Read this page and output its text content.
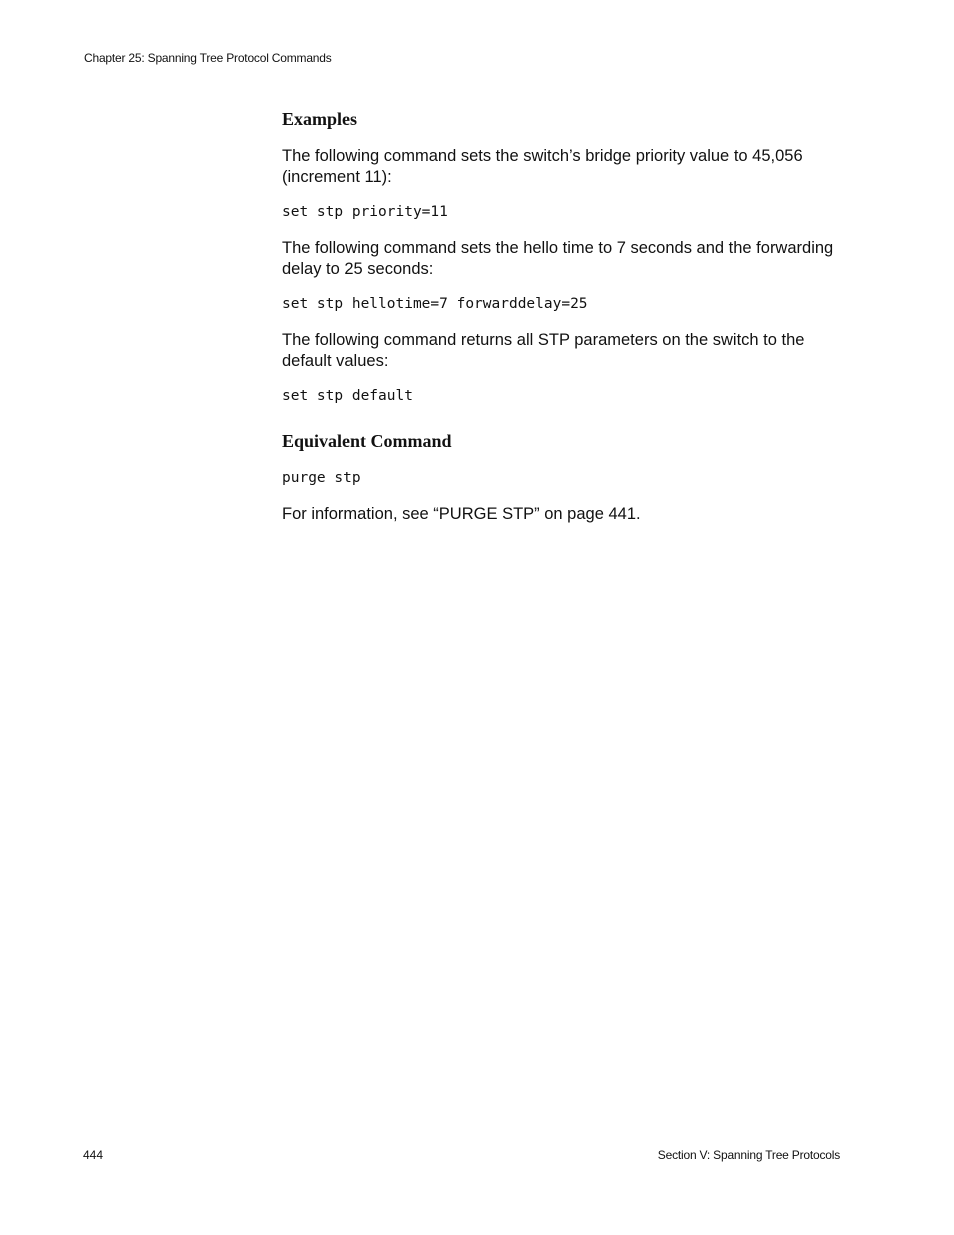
Chapter 25: Spanning Tree Protocol Commands
Examples
The following command sets the switch’s bridge priority value to 45,056 (increment 11):
set stp priority=11
The following command sets the hello time to 7 seconds and the forwarding delay to 25 seconds:
set stp hellotime=7 forwarddelay=25
The following command returns all STP parameters on the switch to the default values:
set stp default
Equivalent Command
purge stp
For information, see “PURGE STP” on page 441.
444	Section V: Spanning Tree Protocols
